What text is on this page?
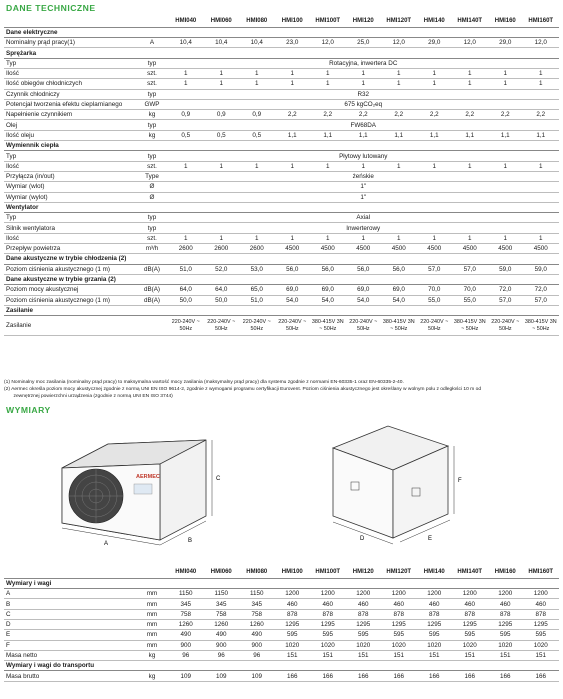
DANE TECHNICZNE
		HMI040	HMI060	HMI080	HMI100	HMI100T	HMI120	HMI120T	HMI140	HMI140T	HMI160	HMI160T
Dane elektryczne												
Nominalny prąd pracy(1)	A	10,4	10,4	10,4	23,0	12,0	25,0	12,0	29,0	12,0	29,0	12,0
Sprężarka												
Typ	typ	Rotacyjna, inwertera DC										
Ilość	szt.	1	1	1	1	1	1	1	1	1	1	1
Ilość obiegów chłodniczych	szt.	1	1	1	1	1	1	1	1	1	1	1
Czynnik chłodniczy	typ	R32										
Potencjał tworzenia efektu cieplarnianego	GWP	675 kgCO₂eq										
Napełnienie czynnikiem	kg	0,9	0,9	0,9	2,2	2,2	2,2	2,2	2,2	2,2	2,2	2,2
Olej	typ	FW68DA										
Ilość oleju	kg	0,5	0,5	0,5	1,1	1,1	1,1	1,1	1,1	1,1	1,1	1,1
Wymiennik ciepła												
Typ	typ	Płytowy lutowany										
Ilość	szt.	1	1	1	1	1	1	1	1	1	1	1
Przyłącza (in/out)	Type	żeńskie										
Wymiar (wlot)	Ø	1"										
Wymiar (wylot)	Ø	1"										
Wentylator												
Typ	typ	Axial										
Silnik wentylatora	typ	Inwerterowy										
Ilość	szt.	1	1	1	1	1	1	1	1	1	1	1
Przepływ powietrza	m³/h	2600	2600	2600	4500	4500	4500	4500	4500	4500	4500	4500
Dane akustyczne w trybie chłodzenia (2)												
Poziom ciśnienia akustycznego (1 m)	dB(A)	51,0	52,0	53,0	56,0	56,0	56,0	56,0	57,0	57,0	59,0	59,0
Dane akustyczne w trybie grzania (2)												
Poziom mocy akustycznej	dB(A)	64,0	64,0	65,0	69,0	69,0	69,0	69,0	70,0	70,0	72,0	72,0
Poziom ciśnienia akustycznego (1 m)	dB(A)	50,0	50,0	51,0	54,0	54,0	54,0	54,0	55,0	55,0	57,0	57,0
Zasilanie												
Zasilanie		220-240V ~ 50Hz	220-240V ~ 50Hz	220-240V ~ 50Hz	220-240V ~ 50Hz	380-415V 3N ~ 50Hz	220-240V ~ 50Hz	380-415V 3N ~ 50Hz	220-240V ~ 50Hz	380-415V 3N ~ 50Hz	220-240V ~ 50Hz	380-415V 3N ~ 50Hz
(1) Nominalny moc zasilania (nominalny prąd pracy) to maksymalna wartość mocy zasilania (maksymalny prąd pracy) dla systemu zgodnie z normami EN-60335-1 oraz EN-60335-2-40.
(2) Aermec określa poziom mocy akustycznej zgodnie z normą UNI EN ISO 9614-2, zgodnie z wymogami programu certyfikacji Eurovent. Poziom ciśnienia akustycznego jest określany w wolnym polu z odległości 10 m od
zewnętrznej powierzchni urządzenia (zgodnie z normą UNI EN ISO 3744)
WYMIARY
AERMEC
A	B
C
D	E
F
		HMI040	HMI060	HMI080	HMI100	HMI100T	HMI120	HMI120T	HMI140	HMI140T	HMI160	HMI160T
Wymiary i wagi												
A	mm	1150	1150	1150	1200	1200	1200	1200	1200	1200	1200	1200
B	mm	345	345	345	460	460	460	460	460	460	460	460
C	mm	758	758	758	878	878	878	878	878	878	878	878
D	mm	1260	1260	1260	1295	1295	1295	1295	1295	1295	1295	1295
E	mm	490	490	490	595	595	595	595	595	595	595	595
F	mm	900	900	900	1020	1020	1020	1020	1020	1020	1020	1020
Masa netto	kg	96	96	96	151	151	151	151	151	151	151	151
Wymiary i wagi do transportu												
Masa brutto	kg	109	109	109	166	166	166	166	166	166	166	166
